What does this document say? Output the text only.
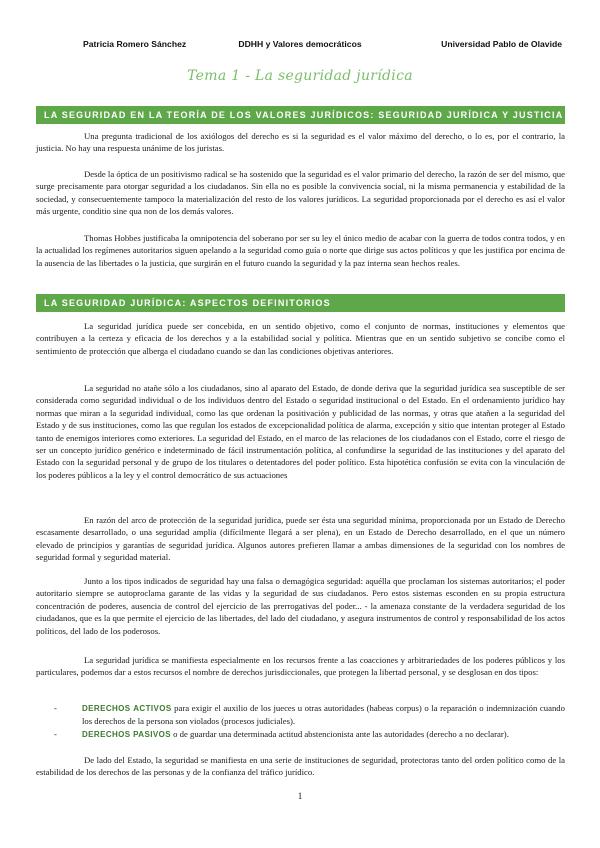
Patricia Romero Sánchez	DDHH y Valores democráticos	Universidad Pablo de Olavide
Tema 1 - La seguridad jurídica
LA SEGURIDAD EN LA TEORÍA DE LOS VALORES JURÍDICOS: SEGURIDAD JURÍDICA Y JUSTICIA
Una pregunta tradicional de los axiólogos del derecho es si la seguridad es el valor máximo del derecho, o lo es, por el contrario, la justicia. No hay una respuesta unánime de los juristas.
Desde la óptica de un positivismo radical se ha sostenido que la seguridad es el valor primario del derecho, la razón de ser del mismo, que surge precisamente para otorgar seguridad a los ciudadanos. Sin ella no es posible la convivencia social, ni la misma permanencia y estabilidad de la sociedad, y consecuentemente tampoco la materialización del resto de los valores jurídicos. La seguridad proporcionada por el derecho es así el valor más urgente, conditio sine qua non de los demás valores.
Thomas Hobbes justificaba la omnipotencia del soberano por ser su ley el único medio de acabar con la guerra de todos contra todos, y en la actualidad los regímenes autoritarios siguen apelando a la seguridad como guía o norte que dirige sus actos políticos y que les justifica por encima de la ausencia de las libertades o la justicia, que surgirán en el futuro cuando la seguridad y la paz interna sean hechos reales.
LA SEGURIDAD JURÍDICA: ASPECTOS DEFINITORIOS
La seguridad jurídica puede ser concebida, en un sentido objetivo, como el conjunto de normas, instituciones y elementos que contribuyen a la certeza y eficacia de los derechos y a la estabilidad social y política. Mientras que en un sentido subjetivo se concibe como el sentimiento de protección que alberga el ciudadano cuando se dan las condiciones objetivas anteriores.
La seguridad no atañe sólo a los ciudadanos, sino al aparato del Estado, de donde deriva que la seguridad jurídica sea susceptible de ser considerada como seguridad individual o de los individuos dentro del Estado o seguridad institucional o del Estado. En el ordenamiento jurídico hay normas que miran a la seguridad individual, como las que ordenan la positivación y publicidad de las normas, y otras que atañen a la seguridad del Estado y de sus instituciones, como las que regulan los estados de excepcionalidad política de alarma, excepción y sitio que intentan proteger al Estado tanto de enemigos interiores como exteriores. La seguridad del Estado, en el marco de las relaciones de los ciudadanos con el Estado, corre el riesgo de ser un concepto jurídico genérico e indeterminado de fácil instrumentación política, al confundirse la seguridad de las instituciones y del aparato del Estado con la seguridad personal y de grupo de los titulares o detentadores del poder político. Esta hipotética confusión se evita con la vinculación de los poderes públicos a la ley y el control democrático de sus actuaciones
En razón del arco de protección de la seguridad jurídica, puede ser ésta una seguridad mínima, proporcionada por un Estado de Derecho escasamente desarrollado, o una seguridad amplia (difícilmente llegará a ser plena), en un Estado de Derecho desarrollado, en el que un número elevado de principios y garantías de seguridad jurídica. Algunos autores prefieren llamar a ambas dimensiones de la seguridad con los nombres de seguridad formal y seguridad material.
Junto a los tipos indicados de seguridad hay una falsa o demagógica seguridad: aquélla que proclaman los sistemas autoritarios; el poder autoritario siempre se autoproclama garante de las vidas y la seguridad de sus ciudadanos. Pero estos sistemas esconden en su propia estructura concentración de poderes, ausencia de control del ejercicio de las prerrogativas del poder... - la amenaza constante de la verdadera seguridad de los ciudadanos, que es la que permite el ejercicio de las libertades, del lado del ciudadano, y asegura instrumentos de control y responsabilidad de los actos políticos, del lado de los poderosos.
La seguridad jurídica se manifiesta especialmente en los recursos frente a las coacciones y arbitrariedades de los poderes públicos y los particulares, podemos dar a estos recursos el nombre de derechos jurisdiccionales, que protegen la libertad personal, y se desglosan en dos tipos:
-	DERECHOS ACTIVOS para exigir el auxilio de los jueces u otras autoridades (habeas corpus) o la reparación o indemnización cuando los derechos de la persona son violados (procesos judiciales).
-	DERECHOS PASIVOS o de guardar una determinada actitud abstencionista ante las autoridades (derecho a no declarar).
De lado del Estado, la seguridad se manifiesta en una serie de instituciones de seguridad, protectoras tanto del orden político como de la estabilidad de los derechos de las personas y de la confianza del tráfico jurídico.
1
